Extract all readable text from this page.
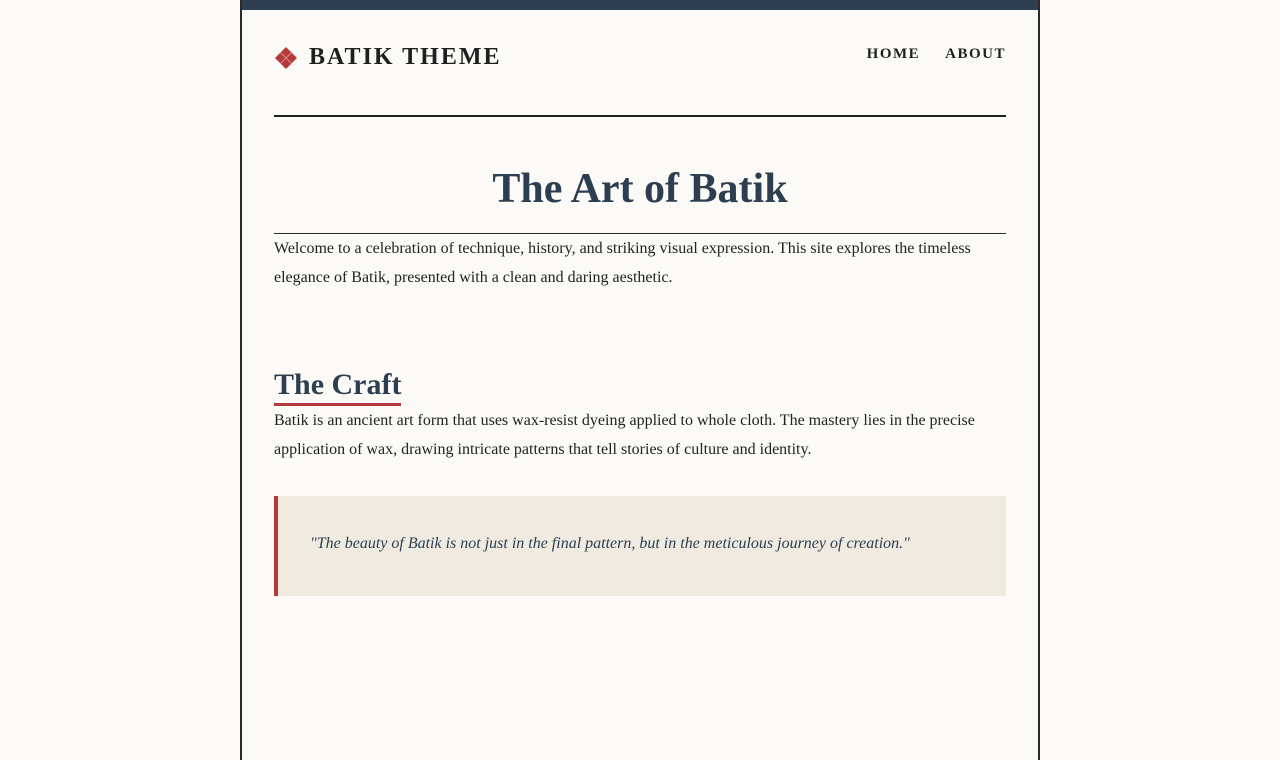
BATIK THEME	HOME ABOUT
The Art of Batik

Welcome to a celebration of technique, history, and striking visual expression. This site explores the timeless elegance of Batik, presented with a clean and daring aesthetic.

The Craft

Batik is an ancient art form that uses wax-resist dyeing applied to whole cloth. The mastery lies in the precise application of wax, drawing intricate patterns that tell stories of culture and identity.

"The beauty of Batik is not just in the final pattern, but in the meticulous journey of creation."
